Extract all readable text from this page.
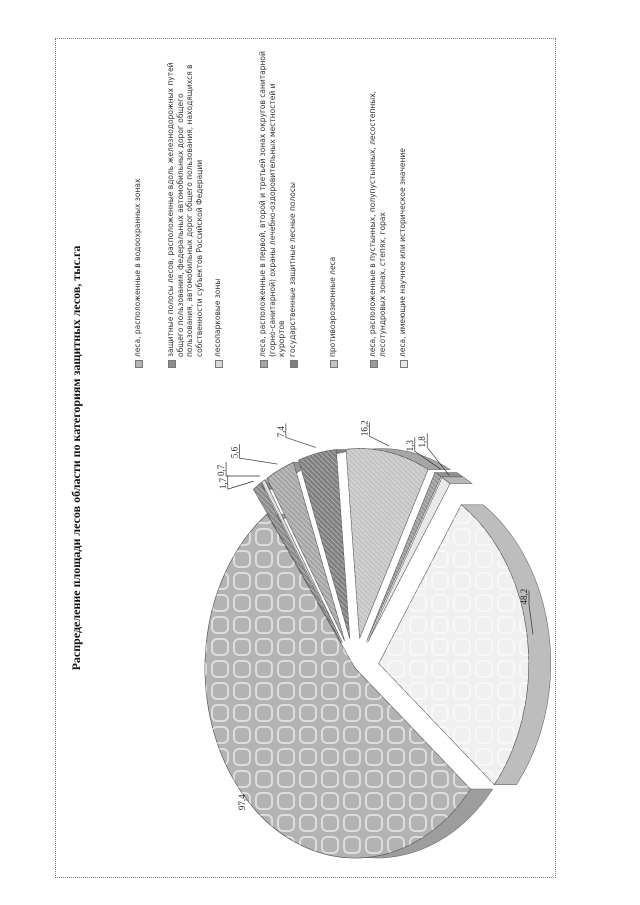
Распределение площади лесов области по категориям защитных лесов, тыс.га
97,4
1,7
0,7
5,6
7,4	16,2
1,3 1,8
48,2
леса, расположенные в водоохранных зонах	защитные полосы лесов, расположенные вдоль железнодорожных путей общего пользования, федеральных автомобильных дорог общего пользования, автомобильных дорог общего пользования, находящихся в собственности субъектов Российской Федерации лесопарковые зоны	леса, расположенные в первой, второй и третьей зонах округов санитарной (горно-санитарной) охраны лечебно-оздоровительных местностей и курортов государственные защитные лесные полосы	противоэрозионные леса	леса, расположенные в пустынных, полупустынных, лесостепных, лесотундровых зонах, степях, горах леса, имеющие научное или историческое значение
